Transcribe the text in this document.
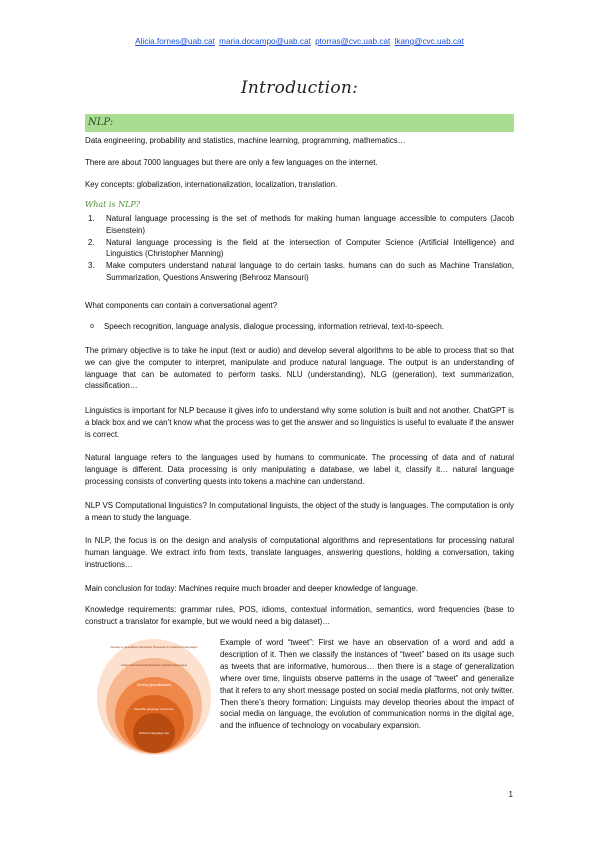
Alicia.fornes@uab.cat maria.docampo@uab.cat ptorras@cvc.uab.cat lkang@cvc.uab.cat
Introduction:
NLP:

Data engineering, probability and statistics, machine learning, programming, mathematics…

There are about 7000 languages but there are only a few languages on the internet.

Key concepts: globalization, internationalization, localization, translation.

What is NLP?
1. Natural language processing is the set of methods for making human language accessible to computers (Jacob Eisenstein)
2. Natural language processing is the field at the intersection of Computer Science (Artificial Intelligence) and Linguistics (Christopher Manning)
3. Make computers understand natural language to do certain tasks. humans can do such as Machine Translation, Summarization, Questions Answering (Behrooz Mansouri)

What components can contain a conversational agent?

o Speech recognition, language analysis, dialogue processing, information retrieval, text-to-speech.

The primary objective is to take he input (text or audio) and develop several algorithms to be able to process that so that we can give the computer to interpret, manipulate and produce natural language. The output is an understanding of language that can be automated to perform tasks. NLU (understanding), NLG (generation), text summarization, classification…

Linguistics is important for NLP because it gives info to understand why some solution is built and not another. ChatGPT is a black box and we can’t know what the process was to get the answer and so linguistics is useful to evaluate if the answer is correct.

Natural language refers to the languages used by humans to communicate. The processing of data and of natural language is different. Data processing is only manipulating a database, we label it, classify it… natural language processing consists of converting quests into tokens a machine can understand.

NLP VS Computational linguistics? In computational linguists, the object of the study is languages. The computation is only a mean to study the language.

In NLP, the focus is on the design and analysis of computational algorithms and representations for processing natural human language. We extract info from texts, translate languages, answering questions, holding a conversation, taking instructions…

Main conclusion for today: Machines require much broader and deeper knowledge of language.

Knowledge requirements: grammar rules, POS, idioms, contextual information, semantics, word frequencies (base to construct a translator for example, but we would need a big dataset)…

Develop a generalized theoretical framework for analysis of languages
Understand universal principles underlying languages
Develop generalizations
Describe language constructs
Observe language use

Example of word “tweet”: First we have an observation of a word and add a description of it. Then we classify the instances of “tweet” based on its usage such as tweets that are informative, humorous… then there is a stage of generalization where over time, linguists observe patterns in the usage of “tweet” and generalize that it refers to any short message posted on social media platforms, not only twitter. Then there’s theory formation: Linguists may develop theories about the impact of social media on language, the evolution of communication norms in the digital age, and the influence of technology on vocabulary expansion.

1
